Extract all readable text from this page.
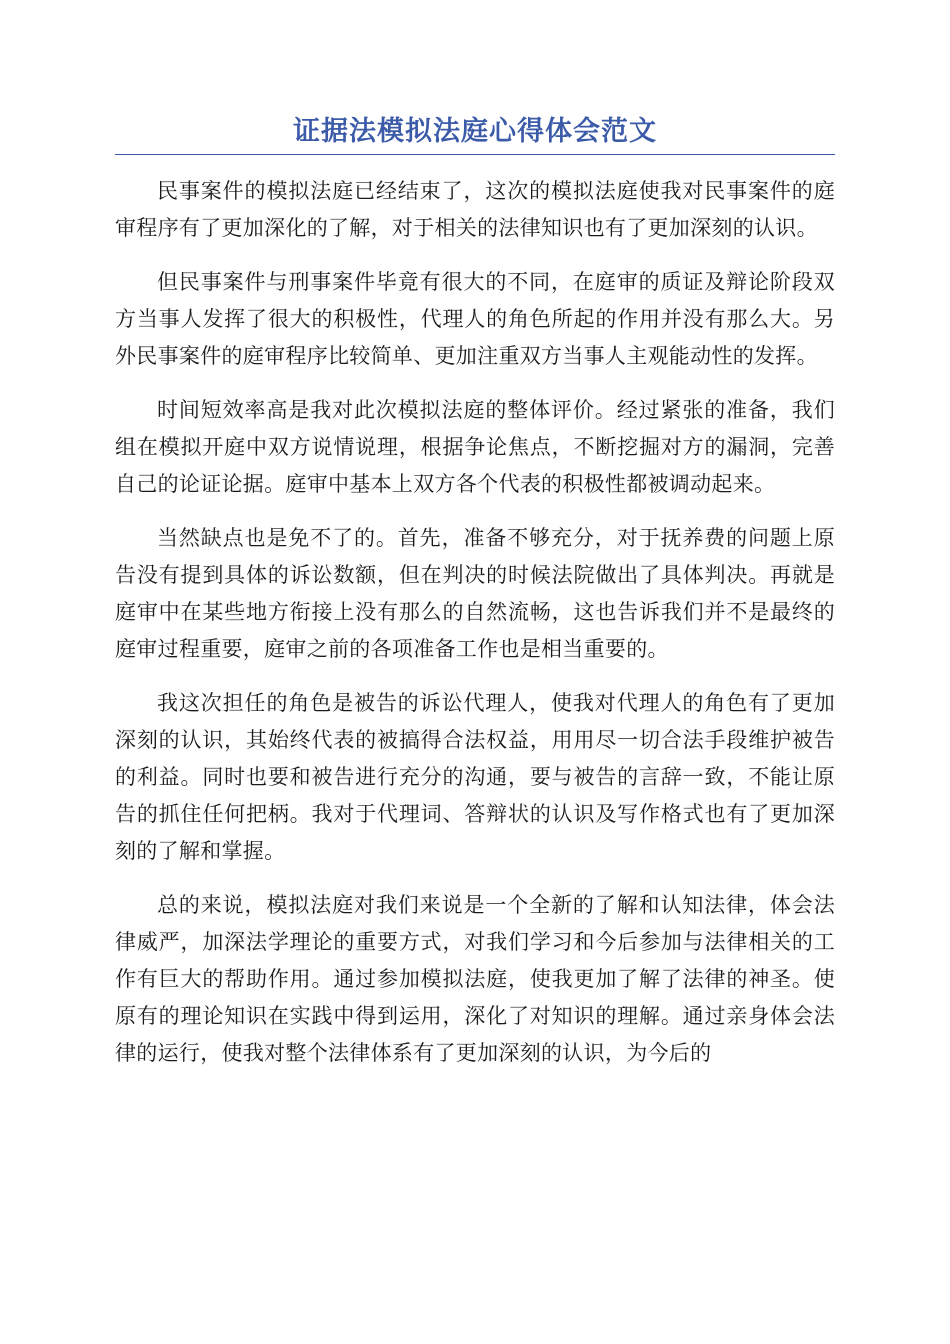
证据法模拟法庭心得体会范文

民事案件的模拟法庭已经结束了，这次的模拟法庭使我对民事案件的庭审程序有了更加深化的了解，对于相关的法律知识也有了更加深刻的认识。

但民事案件与刑事案件毕竟有很大的不同，在庭审的质证及辩论阶段双方当事人发挥了很大的积极性，代理人的角色所起的作用并没有那么大。另外民事案件的庭审程序比较简单、更加注重双方当事人主观能动性的发挥。

时间短效率高是我对此次模拟法庭的整体评价。经过紧张的准备，我们组在模拟开庭中双方说情说理，根据争论焦点，不断挖掘对方的漏洞，完善自己的论证论据。庭审中基本上双方各个代表的积极性都被调动起来。

当然缺点也是免不了的。首先，准备不够充分，对于抚养费的问题上原告没有提到具体的诉讼数额，但在判决的时候法院做出了具体判决。再就是庭审中在某些地方衔接上没有那么的自然流畅，这也告诉我们并不是最终的庭审过程重要，庭审之前的各项准备工作也是相当重要的。

我这次担任的角色是被告的诉讼代理人，使我对代理人的角色有了更加深刻的认识，其始终代表的被搞得合法权益，用用尽一切合法手段维护被告的利益。同时也要和被告进行充分的沟通，要与被告的言辞一致，不能让原告的抓住任何把柄。我对于代理词、答辩状的认识及写作格式也有了更加深刻的了解和掌握。

总的来说，模拟法庭对我们来说是一个全新的了解和认知法律，体会法律威严，加深法学理论的重要方式，对我们学习和今后参加与法律相关的工作有巨大的帮助作用。通过参加模拟法庭，使我更加了解了法律的神圣。使原有的理论知识在实践中得到运用，深化了对知识的理解。通过亲身体会法律的运行，使我对整个法律体系有了更加深刻的认识，为今后的
